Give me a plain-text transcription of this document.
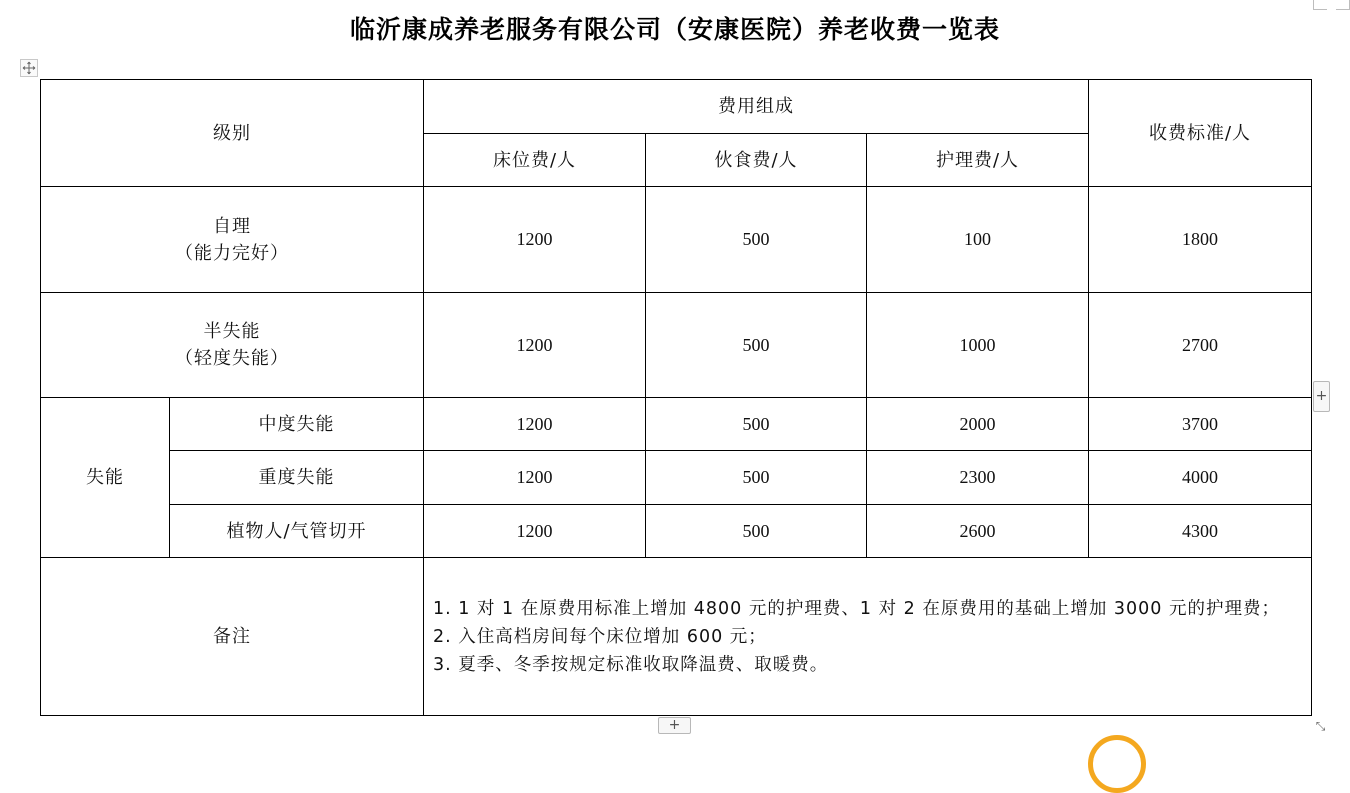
临沂康成养老服务有限公司（安康医院）养老收费一览表
级别		费用组成			收费标准/人
		床位费/人	伙食费/人	护理费/人	
自理
（能力完好）		1200	500	100	1800
半失能
（轻度失能）		1200	500	1000	2700
失能	中度失能	1200	500	2000	3700
	重度失能	1200	500	2300	4000
	植物人/气管切开	1200	500	2600	4300
备注		1. 1 对 1 在原费用标准上增加 4800 元的护理费、1 对 2 在原费用的基础上增加 3000 元的护理费；
2. 入住高档房间每个床位增加 600 元；
3. 夏季、冬季按规定标准收取降温费、取暖费。			
+
+	⤡
